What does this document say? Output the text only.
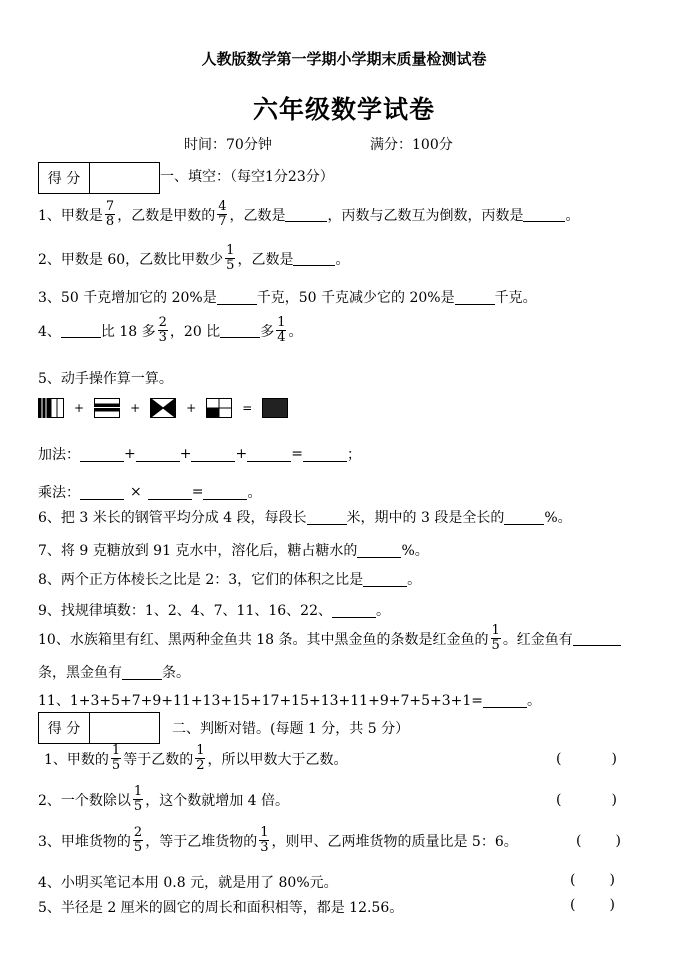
人教版数学第一学期小学期末质量检测试卷
六年级数学试卷
时间：70分钟	满分：100分
得 分	一、填空：（每空1分23分）
1、甲数是 $\frac{7}{8}$ ，乙数是甲数的 $\frac{4}{7}$ ，乙数是	，丙数与乙数互为倒数，丙数是	。
2、甲数是 60，乙数比甲数少 $\frac{1}{5}$ ，乙数是	。
3、50 千克增加它的 20%是	千克，50 千克减少它的 20%是	千克。
4、	比 18 多 $\frac{2}{3}$ ，20 比	多 $\frac{1}{4}$ 。
5、动手操作算一算。
+	+	+	=
加法：	+	+	+	=	；
乘法：	×	=	。
6、把 3 米长的钢管平均分成 4 段，每段长	米，期中的 3 段是全长的	%。
7、将 9 克糖放到 91 克水中，溶化后，糖占糖水的	%。
8、两个正方体棱长之比是 2：3，它们的体积之比是	。
9、找规律填数：1、2、4、7、11、16、22、	。
10、水族箱里有红、黑两种金鱼共 18 条。其中黑金鱼的条数是红金鱼的 $\frac{1}{5}$ 。红金鱼有
条，黑金鱼有	条。
11、1+3+5+7+9+11+13+15+17+15+13+11+9+7+5+3+1=	。
得 分	二、判断对错。(每题 1 分，共 5 分）
1、甲数的 $\frac{1}{5}$ 等于乙数的 $\frac{1}{2}$ ，所以甲数大于乙数。	(	)
2、一个数除以 $\frac{1}{5}$ ，这个数就增加 4 倍。	(	)
3、甲堆货物的 $\frac{2}{5}$ ，等于乙堆货物的 $\frac{1}{3}$ ，则甲、乙两堆货物的质量比是 5：6。	( )
4、小明买笔记本用 0.8 元，就是用了 80%元。	( )
5、半径是 2 厘米的圆它的周长和面积相等，都是 12.56。	( )
